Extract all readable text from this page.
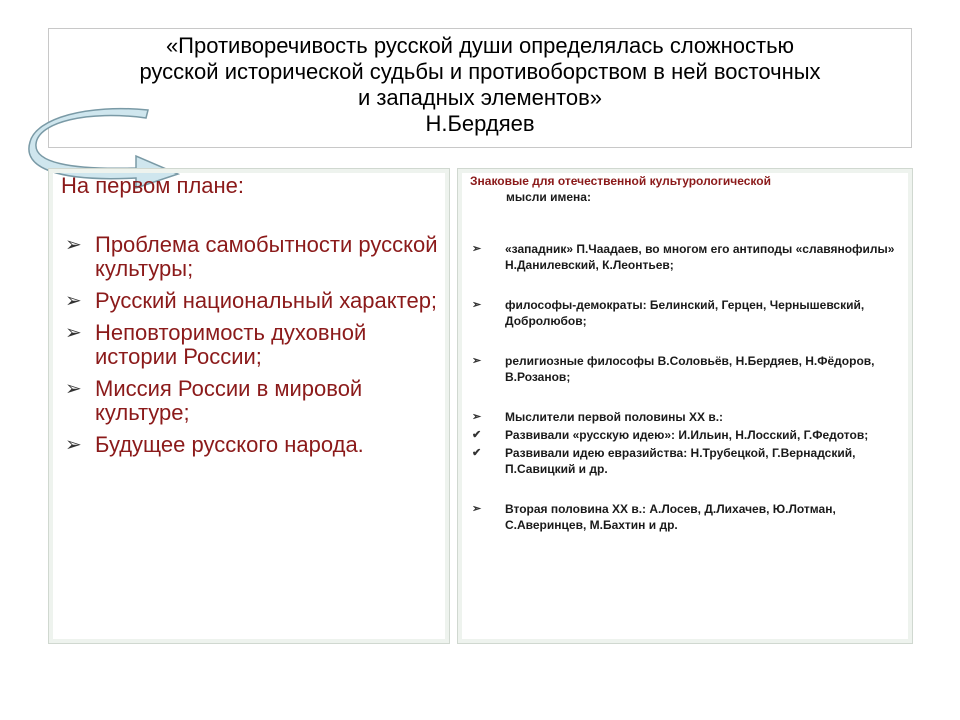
«Противоречивость русской души определялась сложностью
русской исторической судьбы и противоборством в ней восточных
и западных элементов»
Н.Бердяев
На первом плане:
➢ Проблема самобытности русской культуры;
➢ Русский национальный характер;
➢ Неповторимость духовной истории России;
➢ Миссия России в мировой культуре;
➢ Будущее русского народа.
Знаковые для отечественной культурологической
мысли имена:
➢ «западник» П.Чаадаев, во многом его антиподы «славянофилы» Н.Данилевский, К.Леонтьев;
➢ философы-демократы: Белинский, Герцен, Чернышевский, Добролюбов;
➢ религиозные философы В.Соловьёв, Н.Бердяев, Н.Фёдоров, В.Розанов;
➢ Мыслители первой половины XX в.:
✔ Развивали «русскую идею»: И.Ильин, Н.Лосский, Г.Федотов;
✔ Развивали идею евразийства: Н.Трубецкой, Г.Вернадский, П.Савицкий и др.
➢ Вторая половина XX в.: А.Лосев, Д.Лихачев, Ю.Лотман, С.Аверинцев, М.Бахтин и др.
